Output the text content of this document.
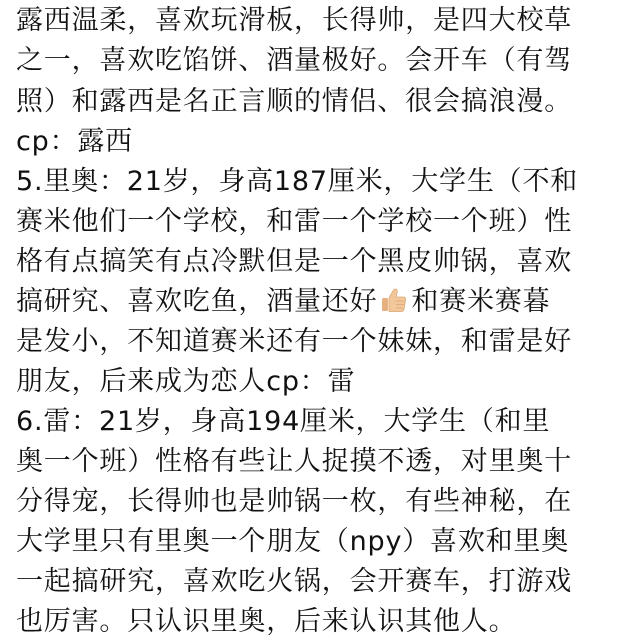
露西温柔，喜欢玩滑板，长得帅，是四大校草
之一，喜欢吃馅饼、酒量极好。会开车（有驾
照）和露西是名正言顺的情侣、很会搞浪漫。
cp：露西
5.里奥：21岁，身高187厘米，大学生（不和
赛米他们一个学校，和雷一个学校一个班）性
格有点搞笑有点冷默但是一个黑皮帅锅，喜欢
搞研究、喜欢吃鱼，酒量还好 和赛米赛暮
是发小，不知道赛米还有一个妹妹，和雷是好
朋友，后来成为恋人cp：雷
6.雷：21岁，身高194厘米，大学生（和里
奥一个班）性格有些让人捉摸不透，对里奥十
分得宠，长得帅也是帅锅一枚，有些神秘，在
大学里只有里奥一个朋友（npy）喜欢和里奥
一起搞研究，喜欢吃火锅，会开赛车，打游戏
也厉害。只认识里奥，后来认识其他人。
